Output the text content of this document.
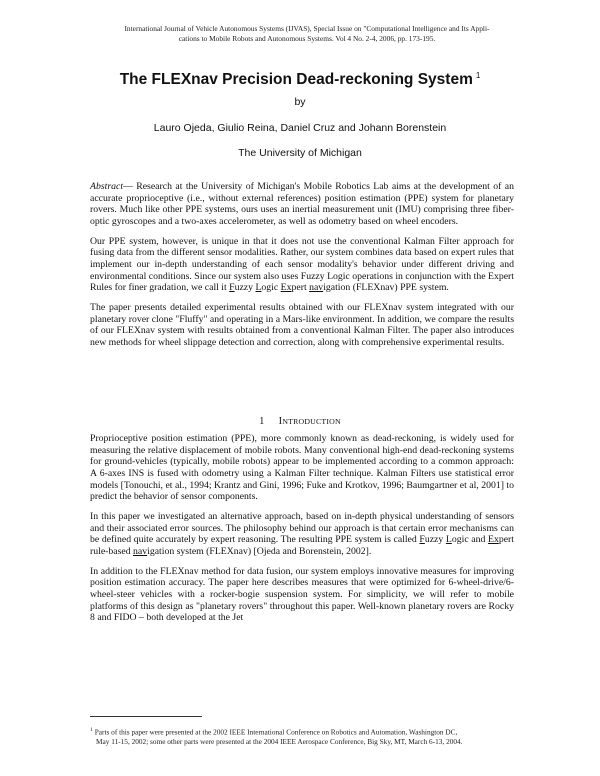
International Journal of Vehicle Autonomous Systems (IJVAS), Special Issue on "Computational Intelligence and Its Appli-
cations to Mobile Robots and Autonomous Systems. Vol 4 No. 2-4, 2006, pp. 173-195.
The FLEXnav Precision Dead-reckoning System $^1$
by
Lauro Ojeda, Giulio Reina, Daniel Cruz and Johann Borenstein
The University of Michigan

Abstract— Research at the University of Michigan's Mobile Robotics Lab aims at the development of an accurate proprioceptive (i.e., without external references) position estimation (PPE) system for planetary rovers. Much like other PPE systems, ours uses an inertial measurement unit (IMU) comprising three fiber-optic gyroscopes and a two-axes accelerometer, as well as odometry based on wheel encoders.

Our PPE system, however, is unique in that it does not use the conventional Kalman Filter approach for fusing data from the different sensor modalities. Rather, our system combines data based on expert rules that implement our in-depth understanding of each sensor modality's behavior under different driving and environmental conditions. Since our system also uses Fuzzy Logic operations in conjunction with the Expert Rules for finer gradation, we call it Fuzzy Logic Expert navigation (FLEXnav) PPE system.

The paper presents detailed experimental results obtained with our FLEXnav system integrated with our planetary rover clone "Fluffy" and operating in a Mars-like environment. In addition, we compare the results of our FLEXnav system with results obtained from a conventional Kalman Filter. The paper also introduces new methods for wheel slippage detection and correction, along with comprehensive experimental results.

1 INTRODUCTION

Proprioceptive position estimation (PPE), more commonly known as dead-reckoning, is widely used for measuring the relative displacement of mobile robots. Many conventional high-end dead-reckoning systems for ground-vehicles (typically, mobile robots) appear to be implemented according to a common approach: A 6-axes INS is fused with odometry using a Kalman Filter technique. Kalman Filters use statistical error models [Tonouchi, et al., 1994; Krantz and Gini, 1996; Fuke and Krotkov, 1996; Baumgartner et al, 2001] to predict the behavior of sensor components.

In this paper we investigated an alternative approach, based on in-depth physical understanding of sensors and their associated error sources. The philosophy behind our approach is that certain error mechanisms can be defined quite accurately by expert reasoning. The resulting PPE system is called Fuzzy Logic and Expert rule-based navigation system (FLEXnav) [Ojeda and Borenstein, 2002].

In addition to the FLEXnav method for data fusion, our system employs innovative measures for improving position estimation accuracy. The paper here describes measures that were optimized for 6-wheel-drive/6-wheel-steer vehicles with a rocker-bogie suspension system. For simplicity, we will refer to mobile platforms of this design as "planetary rovers" throughout this paper. Well-known planetary rovers are Rocky 8 and FIDO – both developed at the Jet

$^1$ Parts of this paper were presented at the 2002 IEEE International Conference on Robotics and Automation, Washington DC,
May 11-15, 2002; some other parts were presented at the 2004 IEEE Aerospace Conference, Big Sky, MT, March 6-13, 2004.
